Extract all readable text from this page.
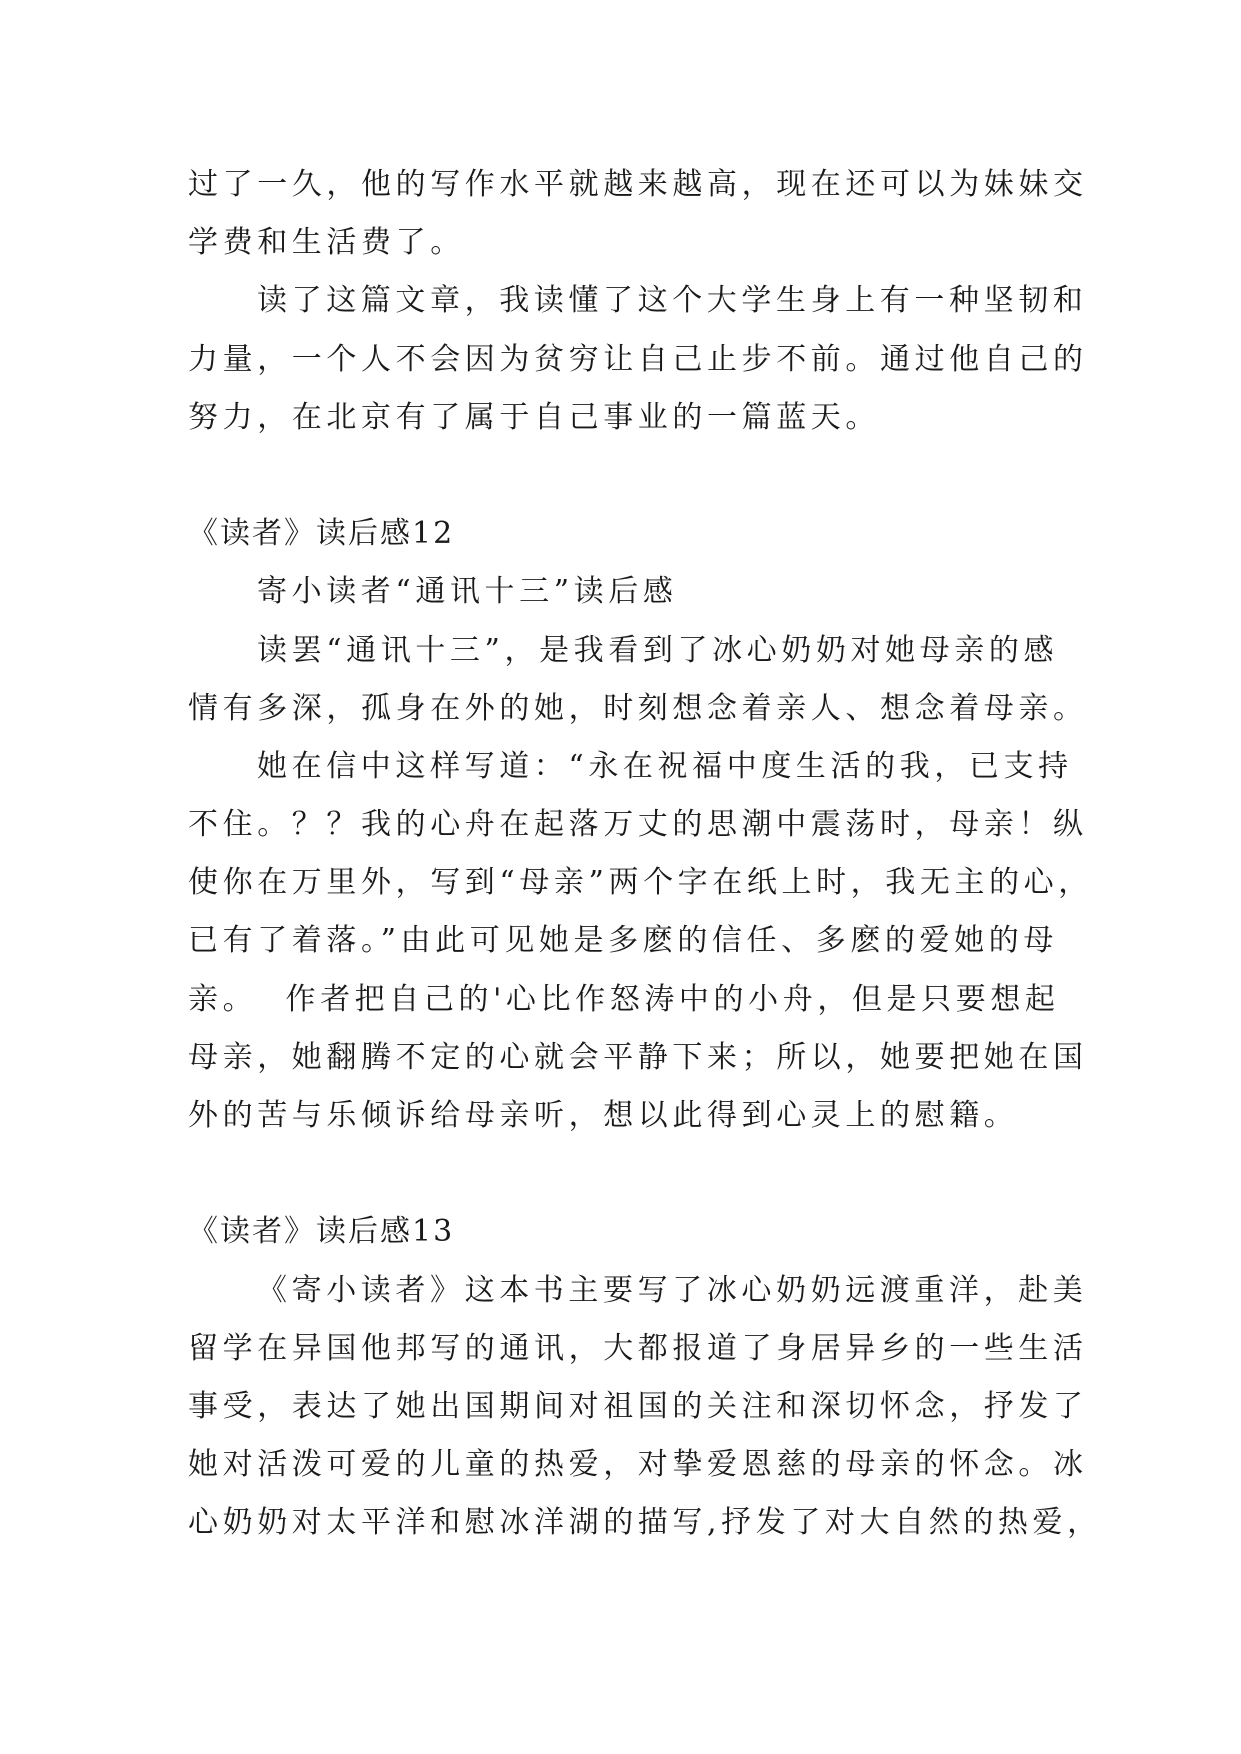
过了一久，他的写作水平就越来越高，现在还可以为妹妹交
学费和生活费了。
读了这篇文章，我读懂了这个大学生身上有一种坚韧和
力量，一个人不会因为贫穷让自己止步不前。通过他自己的
努力，在北京有了属于自己事业的一篇蓝天。
《读者》读后感12
寄小读者“通讯十三”读后感
读罢“通讯十三”，是我看到了冰心奶奶对她母亲的感
情有多深，孤身在外的她，时刻想念着亲人、想念着母亲。
她在信中这样写道：“永在祝福中度生活的我，已支持
不住。？？我的心舟在起落万丈的思潮中震荡时，母亲！纵
使你在万里外，写到“母亲”两个字在纸上时，我无主的心，
已有了着落。”由此可见她是多麽的信任、多麽的爱她的母
亲。  作者把自己的'心比作怒涛中的小舟，但是只要想起
母亲，她翻腾不定的心就会平静下来；所以，她要把她在国
外的苦与乐倾诉给母亲听，想以此得到心灵上的慰籍。
《读者》读后感13
《寄小读者》这本书主要写了冰心奶奶远渡重洋，赴美
留学在异国他邦写的通讯，大都报道了身居异乡的一些生活
事受，表达了她出国期间对祖国的关注和深切怀念，抒发了
她对活泼可爱的儿童的热爱，对挚爱恩慈的母亲的怀念。冰
心奶奶对太平洋和慰冰洋湖的描写,抒发了对大自然的热爱，
